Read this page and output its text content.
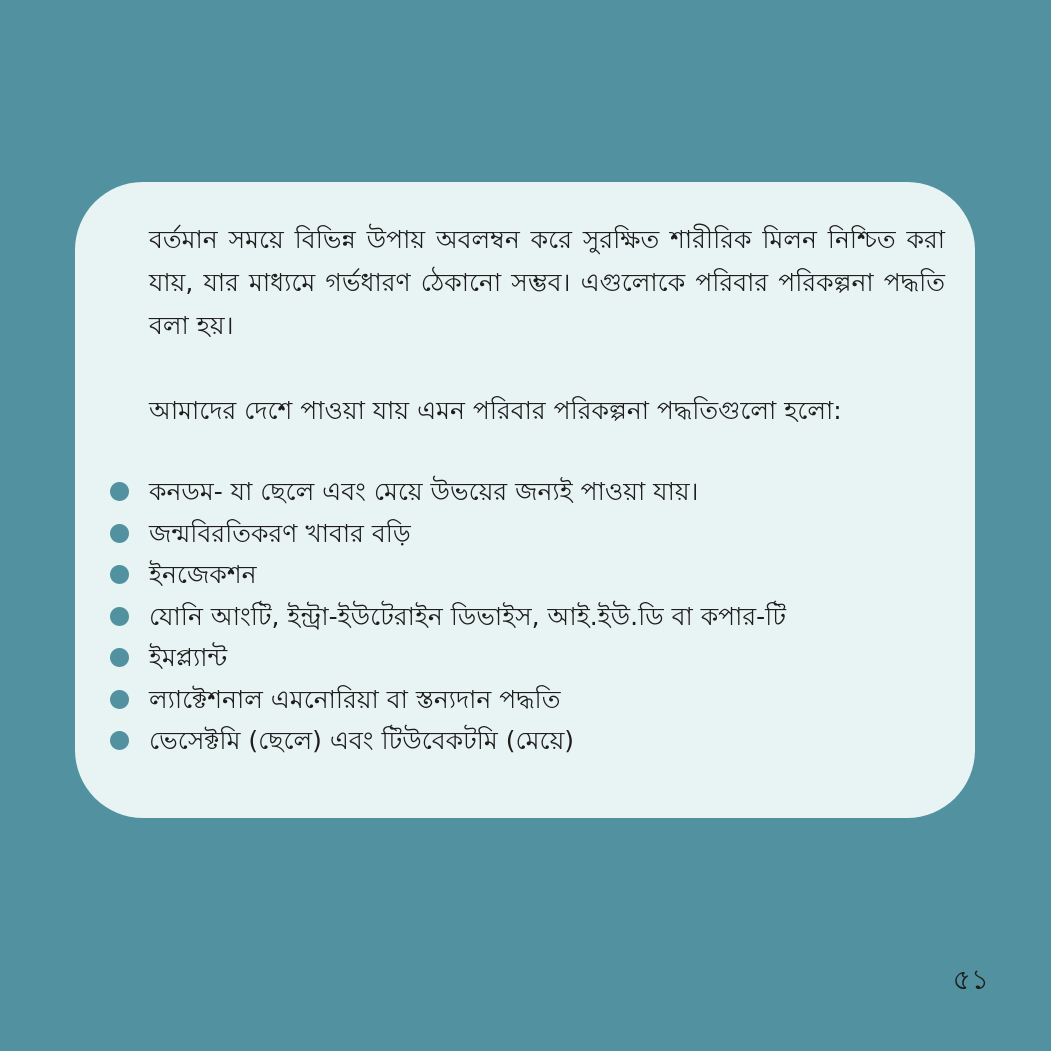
বর্তমান সময়ে বিভিন্ন উপায় অবলম্বন করে সুরক্ষিত শারীরিক মিলন নিশ্চিত করা যায়, যার মাধ্যমে গর্ভধারণ ঠেকানো সম্ভব। এগুলোকে পরিবার পরিকল্পনা পদ্ধতি বলা হয়।

আমাদের দেশে পাওয়া যায় এমন পরিবার পরিকল্পনা পদ্ধতিগুলো হলো:

কনডম- যা ছেলে এবং মেয়ে উভয়ের জন্যই পাওয়া যায়।
জন্মবিরতিকরণ খাবার বড়ি
ইনজেকশন
যোনি আংটি, ইন্ট্রা-ইউটেরাইন ডিভাইস, আই.ইউ.ডি বা কপার-টি
ইমপ্ল্যান্ট
ল্যাক্টেশনাল এমনোরিয়া বা স্তন্যদান পদ্ধতি
ভেসেক্টমি (ছেলে) এবং টিউবেকটমি (মেয়ে)
৫১
